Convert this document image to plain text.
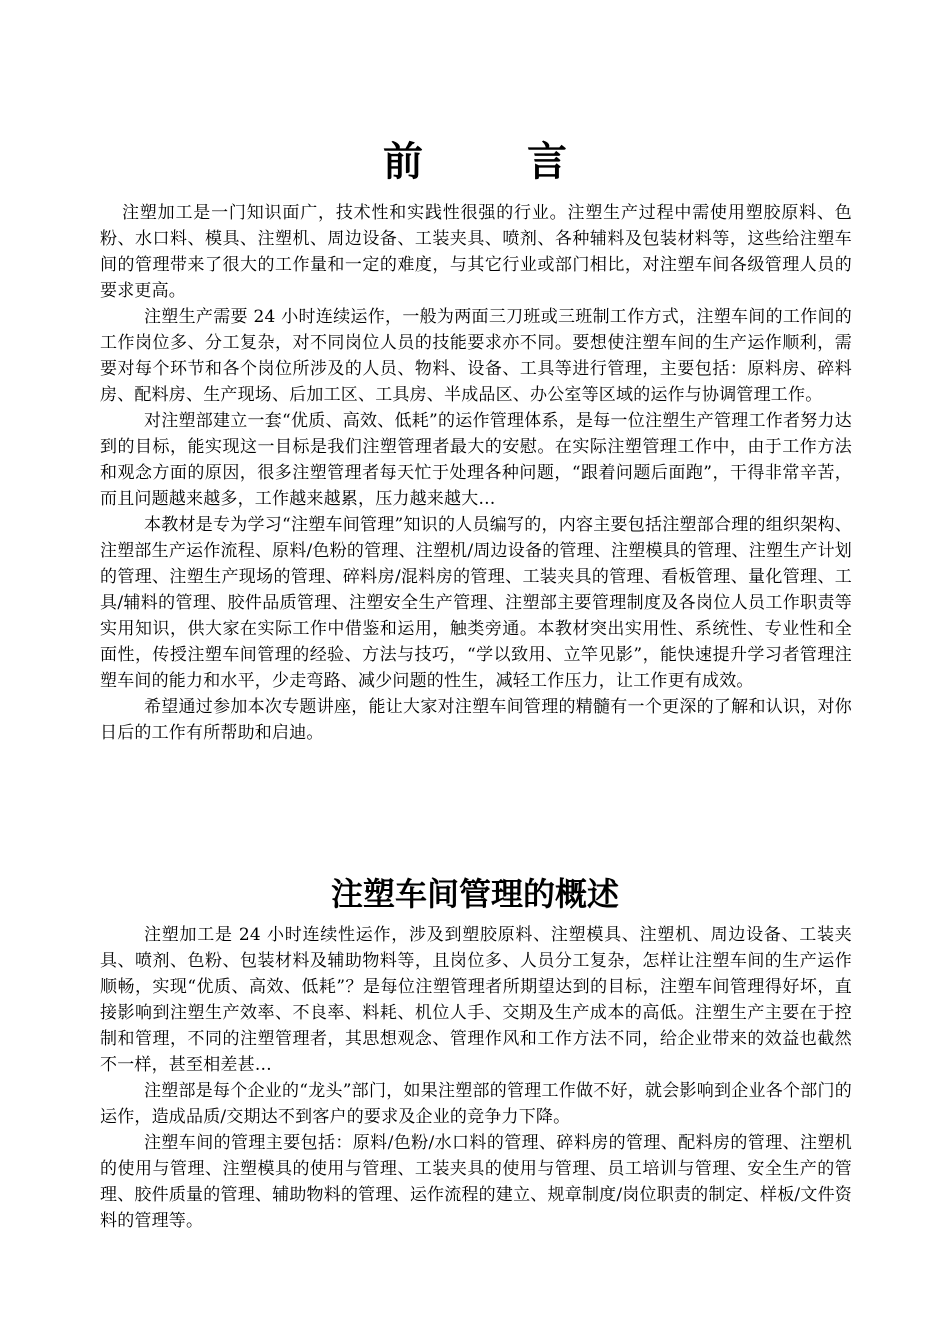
前	言

注塑加工是一门知识面广，技术性和实践性很强的行业。注塑生产过程中需使用塑胶原料、色粉、水口料、模具、注塑机、周边设备、工装夹具、喷剂、各种辅料及包装材料等，这些给注塑车间的管理带来了很大的工作量和一定的难度，与其它行业或部门相比，对注塑车间各级管理人员的要求更高。

注塑生产需要 24 小时连续运作，一般为两面三刀班或三班制工作方式，注塑车间的工作间的工作岗位多、分工复杂，对不同岗位人员的技能要求亦不同。要想使注塑车间的生产运作顺利，需要对每个环节和各个岗位所涉及的人员、物料、设备、工具等进行管理，主要包括：原料房、碎料房、配料房、生产现场、后加工区、工具房、半成品区、办公室等区域的运作与协调管理工作。

对注塑部建立一套“优质、高效、低耗”的运作管理体系，是每一位注塑生产管理工作者努力达到的目标，能实现这一目标是我们注塑管理者最大的安慰。在实际注塑管理工作中，由于工作方法和观念方面的原因，很多注塑管理者每天忙于处理各种问题，“跟着问题后面跑”，干得非常辛苦，而且问题越来越多，工作越来越累，压力越来越大…

本教材是专为学习“注塑车间管理”知识的人员编写的，内容主要包括注塑部合理的组织架构、注塑部生产运作流程、原料/色粉的管理、注塑机/周边设备的管理、注塑模具的管理、注塑生产计划的管理、注塑生产现场的管理、碎料房/混料房的管理、工装夹具的管理、看板管理、量化管理、工具/辅料的管理、胶件品质管理、注塑安全生产管理、注塑部主要管理制度及各岗位人员工作职责等实用知识，供大家在实际工作中借鉴和运用，触类旁通。本教材突出实用性、系统性、专业性和全面性，传授注塑车间管理的经验、方法与技巧，“学以致用、立竿见影”，能快速提升学习者管理注塑车间的能力和水平，少走弯路、减少问题的性生，减轻工作压力，让工作更有成效。

希望通过参加本次专题讲座，能让大家对注塑车间管理的精髓有一个更深的了解和认识，对你日后的工作有所帮助和启迪。

注塑车间管理的概述

注塑加工是 24 小时连续性运作，涉及到塑胶原料、注塑模具、注塑机、周边设备、工装夹具、喷剂、色粉、包装材料及辅助物料等，且岗位多、人员分工复杂，怎样让注塑车间的生产运作顺畅，实现“优质、高效、低耗”？是每位注塑管理者所期望达到的目标，注塑车间管理得好坏，直接影响到注塑生产效率、不良率、料耗、机位人手、交期及生产成本的高低。注塑生产主要在于控制和管理，不同的注塑管理者，其思想观念、管理作风和工作方法不同，给企业带来的效益也截然不一样，甚至相差甚…

注塑部是每个企业的“龙头”部门，如果注塑部的管理工作做不好，就会影响到企业各个部门的运作，造成品质/交期达不到客户的要求及企业的竞争力下降。

注塑车间的管理主要包括：原料/色粉/水口料的管理、碎料房的管理、配料房的管理、注塑机的使用与管理、注塑模具的使用与管理、工装夹具的使用与管理、员工培训与管理、安全生产的管理、胶件质量的管理、辅助物料的管理、运作流程的建立、规章制度/岗位职责的制定、样板/文件资料的管理等。
